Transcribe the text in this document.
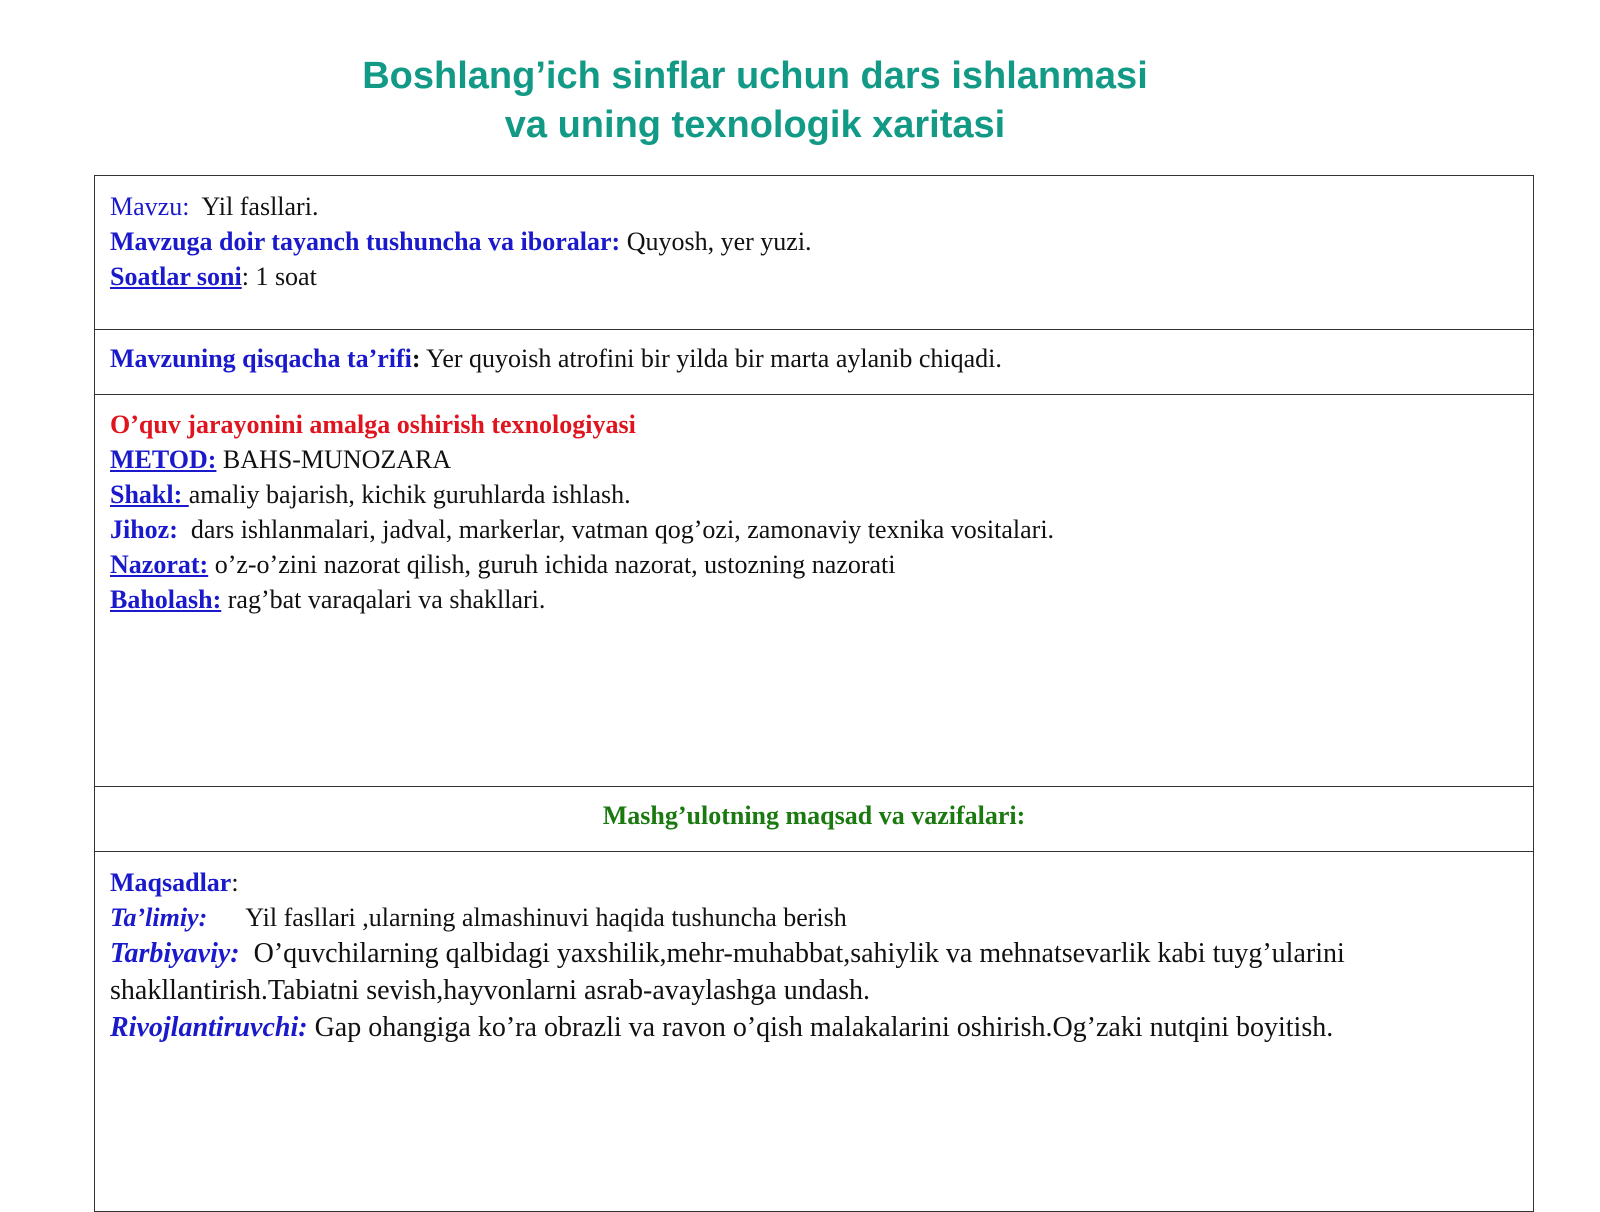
Boshlang’ich sinflar uchun dars ishlanmasi
va uning texnologik xaritasi
Mavzu: Yil fasllari.
Mavzuga doir tayanch tushuncha va iboralar: Quyosh, yer yuzi.
Soatlar soni: 1 soat

Mavzuning qisqacha ta’rifi: Yer quyoish atrofini bir yilda bir marta aylanib chiqadi.

O’quv jarayonini amalga oshirish texnologiyasi
METOD: BAHS-MUNOZARA
Shakl: amaliy bajarish, kichik guruhlarda ishlash.
Jihoz: dars ishlanmalari, jadval, markerlar, vatman qog’ozi, zamonaviy texnika vositalari.
Nazorat: o’z-o’zini nazorat qilish, guruh ichida nazorat, ustozning nazorati
Baholash: rag’bat varaqalari va shakllari.

Mashg’ulotning maqsad va vazifalari:

Maqsadlar:
Ta’limiy: Yil fasllari ,ularning almashinuvi haqida tushuncha berish
Tarbiyaviy: O’quvchilarning qalbidagi yaxshilik,mehr-muhabbat,sahiylik va mehnatsevarlik kabi tuyg’ularini shakllantirish.Tabiatni sevish,hayvonlarni asrab-avaylashga undash.
Rivojlantiruvchi: Gap ohangiga ko’ra obrazli va ravon o’qish malakalarini oshirish.Og’zaki nutqini boyitish.
